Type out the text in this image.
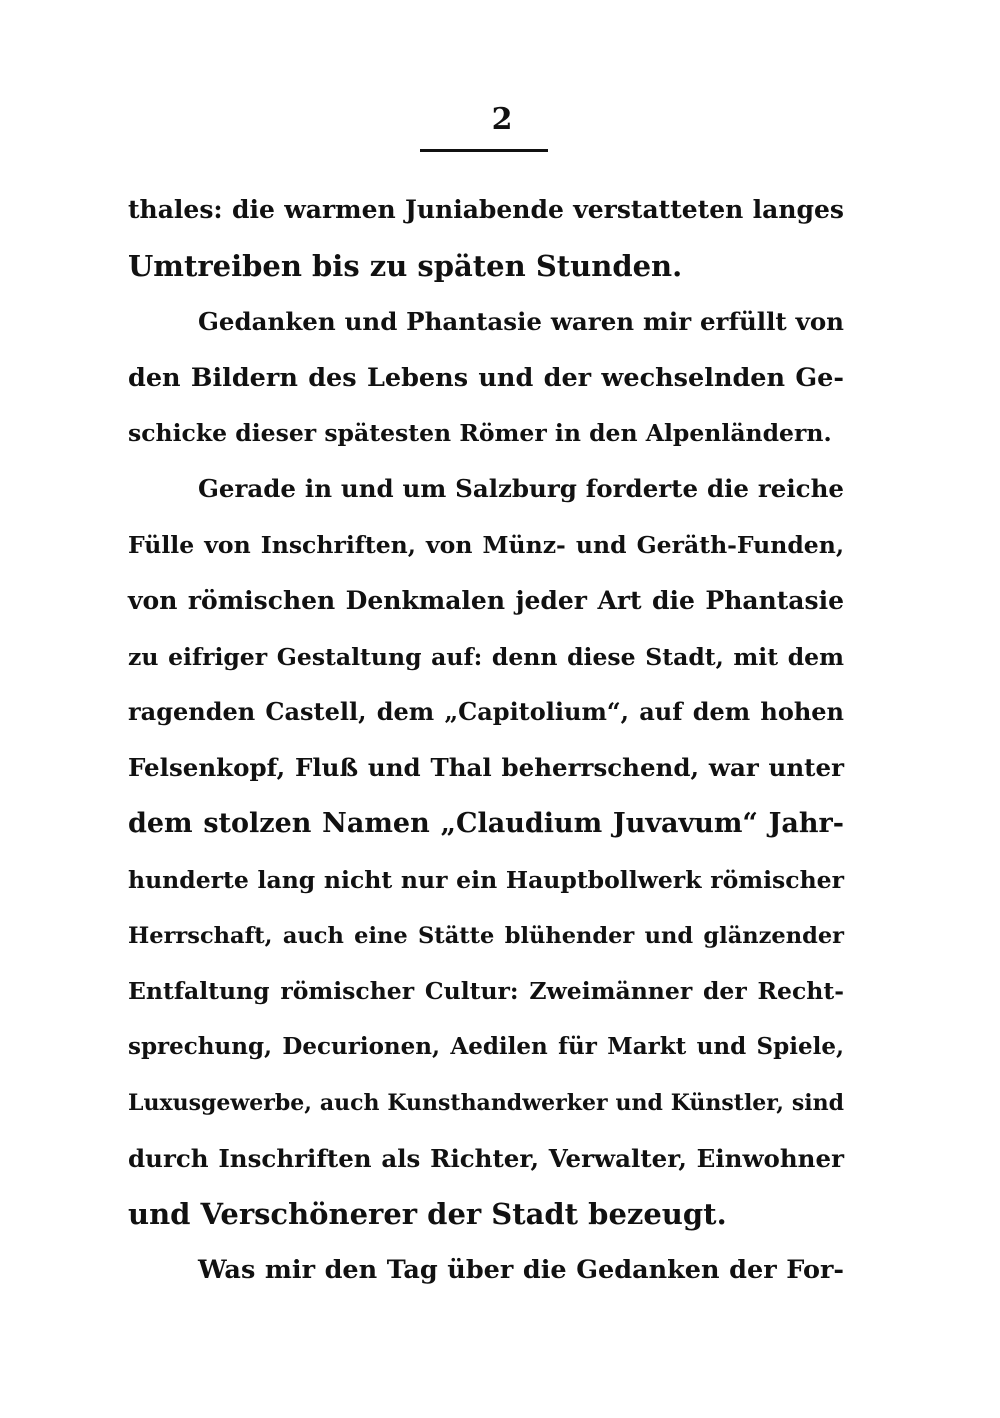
2
thales: die warmen Juniabende verstatteten langes
Umtreiben bis zu späten Stunden.
Gedanken und Phantasie waren mir erfüllt von
den Bildern des Lebens und der wechselnden Ge-
schicke dieser spätesten Römer in den Alpenländern.
Gerade in und um Salzburg forderte die reiche
Fülle von Inschriften, von Münz- und Geräth-Funden,
von römischen Denkmalen jeder Art die Phantasie
zu eifriger Gestaltung auf: denn diese Stadt, mit dem
ragenden Castell, dem „Capitolium“, auf dem hohen
Felsenkopf, Fluß und Thal beherrschend, war unter
dem stolzen Namen „Claudium Juvavum“ Jahr-
hunderte lang nicht nur ein Hauptbollwerk römischer
Herrschaft, auch eine Stätte blühender und glänzender
Entfaltung römischer Cultur: Zweimänner der Recht-
sprechung, Decurionen, Aedilen für Markt und Spiele,
Luxusgewerbe, auch Kunsthandwerker und Künstler, sind
durch Inschriften als Richter, Verwalter, Einwohner
und Verschönerer der Stadt bezeugt.
Was mir den Tag über die Gedanken der For-
